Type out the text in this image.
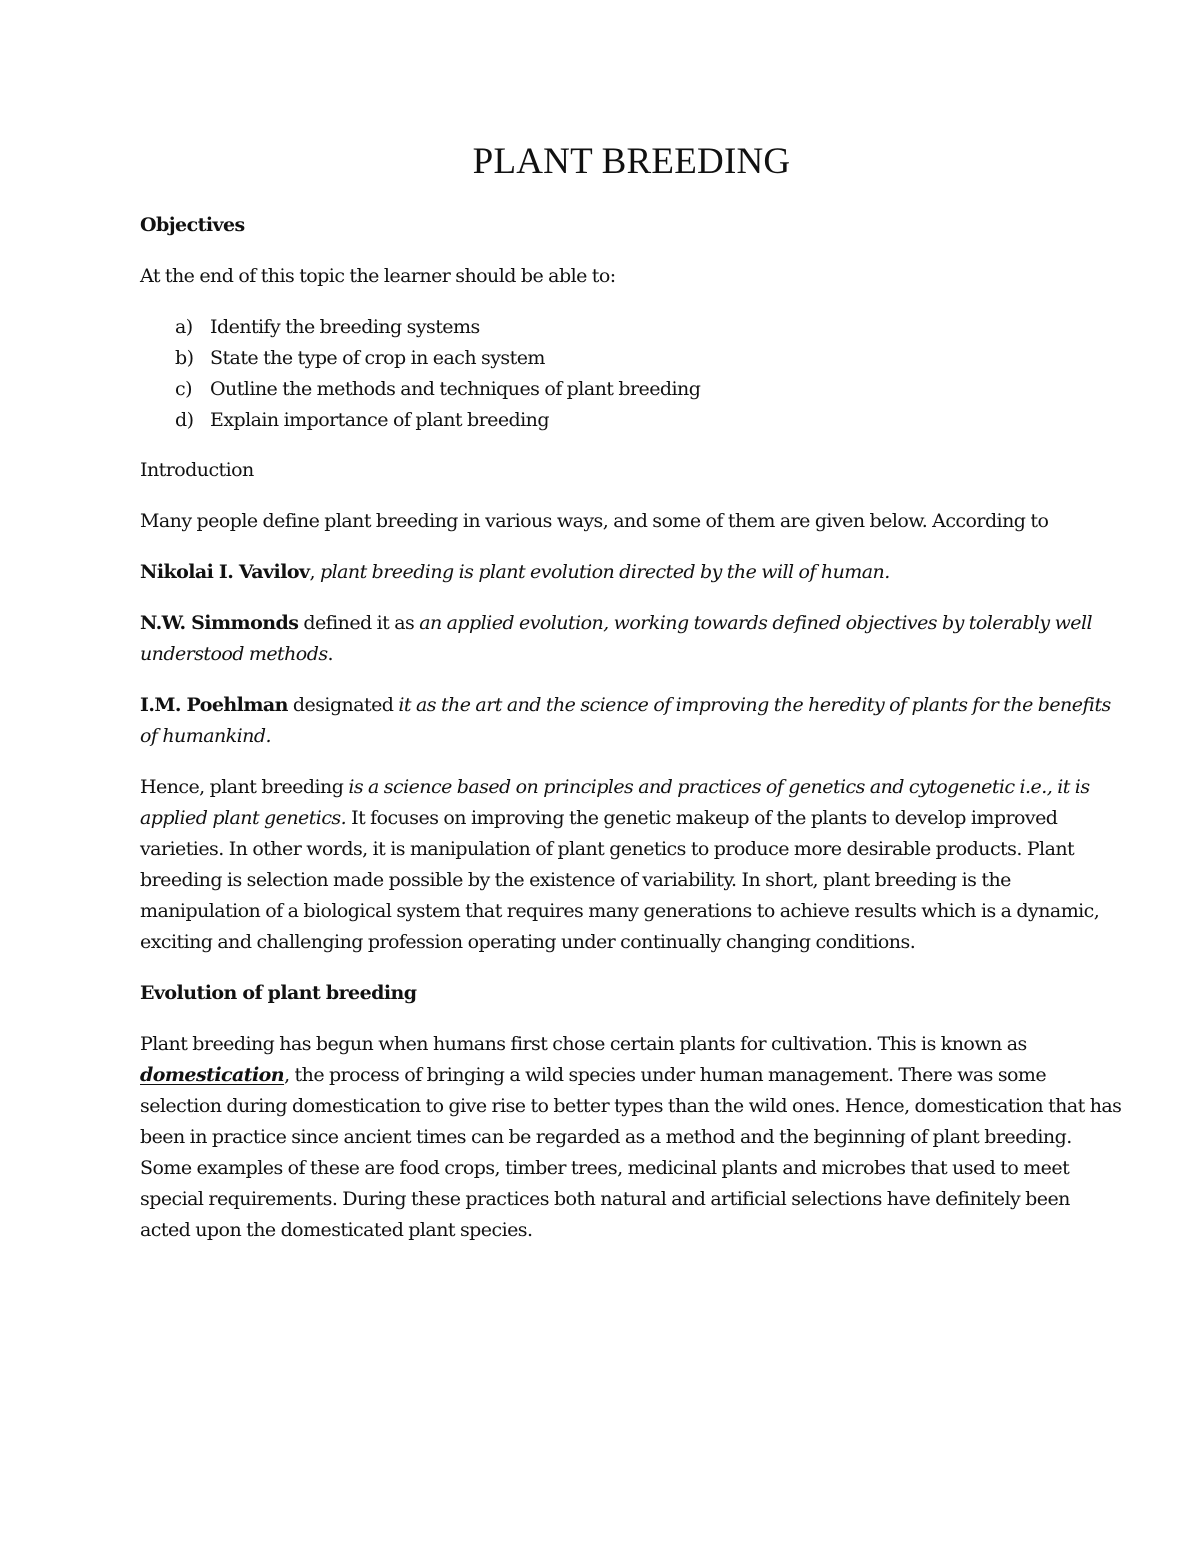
PLANT BREEDING

Objectives

At the end of this topic the learner should be able to:

a) Identify the breeding systems
b) State the type of crop in each system
c) Outline the methods and techniques of plant breeding
d) Explain importance of plant breeding

Introduction

Many people define plant breeding in various ways, and some of them are given below. According to

Nikolai I. Vavilov, plant breeding is plant evolution directed by the will of human.

N.W. Simmonds defined it as an applied evolution, working towards defined objectives by tolerably well understood methods.

I.M. Poehlman designated it as the art and the science of improving the heredity of plants for the benefits of humankind.

Hence, plant breeding is a science based on principles and practices of genetics and cytogenetic i.e., it is applied plant genetics. It focuses on improving the genetic makeup of the plants to develop improved varieties. In other words, it is manipulation of plant genetics to produce more desirable products. Plant breeding is selection made possible by the existence of variability. In short, plant breeding is the manipulation of a biological system that requires many generations to achieve results which is a dynamic, exciting and challenging profession operating under continually changing conditions.

Evolution of plant breeding

Plant breeding has begun when humans first chose certain plants for cultivation. This is known as domestication, the process of bringing a wild species under human management. There was some selection during domestication to give rise to better types than the wild ones. Hence, domestication that has been in practice since ancient times can be regarded as a method and the beginning of plant breeding. Some examples of these are food crops, timber trees, medicinal plants and microbes that used to meet special requirements. During these practices both natural and artificial selections have definitely been acted upon the domesticated plant species.
